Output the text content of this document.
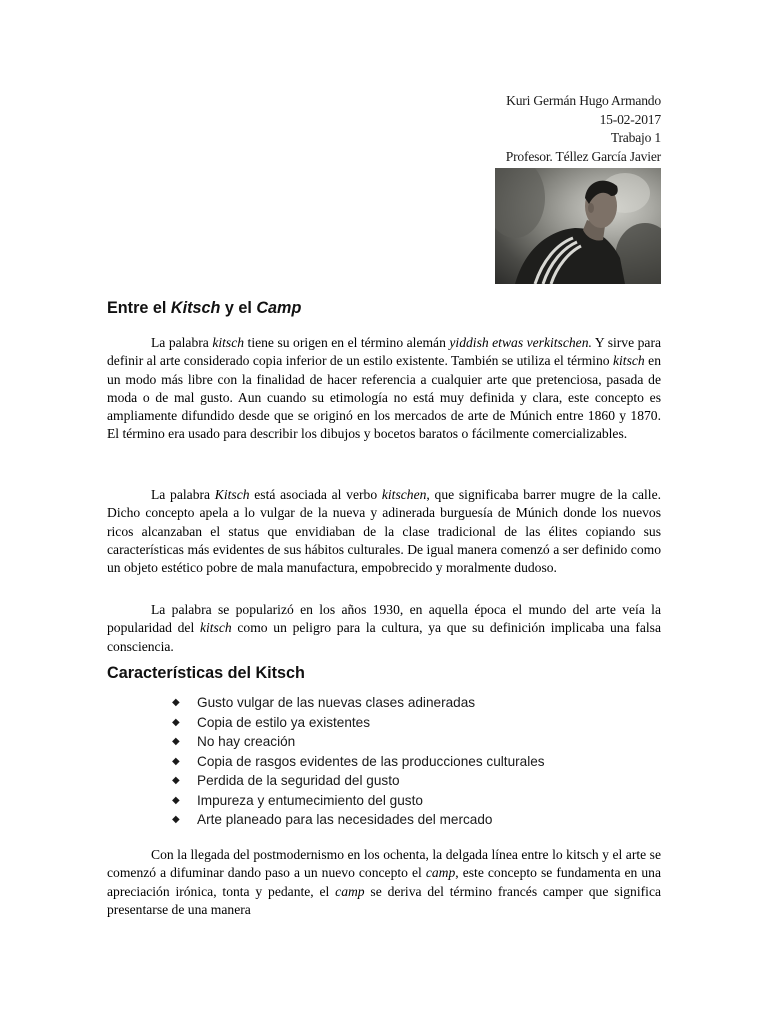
Kuri Germán Hugo Armando
15-02-2017
Trabajo 1
Profesor. Téllez García Javier
Entre el Kitsch y el Camp

La palabra kitsch tiene su origen en el término alemán yiddish etwas verkitschen. Y sirve para definir al arte considerado copia inferior de un estilo existente. También se utiliza el término kitsch en un modo más libre con la finalidad de hacer referencia a cualquier arte que pretenciosa, pasada de moda o de mal gusto. Aun cuando su etimología no está muy definida y clara, este concepto es ampliamente difundido desde que se originó en los mercados de arte de Múnich entre 1860 y 1870. El término era usado para describir los dibujos y bocetos baratos o fácilmente comercializables.

La palabra Kitsch está asociada al verbo kitschen, que significaba barrer mugre de la calle. Dicho concepto apela a lo vulgar de la nueva y adinerada burguesía de Múnich donde los nuevos ricos alcanzaban el status que envidiaban de la clase tradicional de las élites copiando sus características más evidentes de sus hábitos culturales. De igual manera comenzó a ser definido como un objeto estético pobre de mala manufactura, empobrecido y moralmente dudoso.

La palabra se popularizó en los años 1930, en aquella época el mundo del arte veía la popularidad del kitsch como un peligro para la cultura, ya que su definición implicaba una falsa consciencia.

Características del Kitsch
◆ Gusto vulgar de las nuevas clases adineradas
◆ Copia de estilo ya existentes
◆ No hay creación
◆ Copia de rasgos evidentes de las producciones culturales
◆ Perdida de la seguridad del gusto
◆ Impureza y entumecimiento del gusto
◆ Arte planeado para las necesidades del mercado

Con la llegada del postmodernismo en los ochenta, la delgada línea entre lo kitsch y el arte se comenzó a difuminar dando paso a un nuevo concepto el camp, este concepto se fundamenta en una apreciación irónica, tonta y pedante, el camp se deriva del término francés camper que significa presentarse de una manera
